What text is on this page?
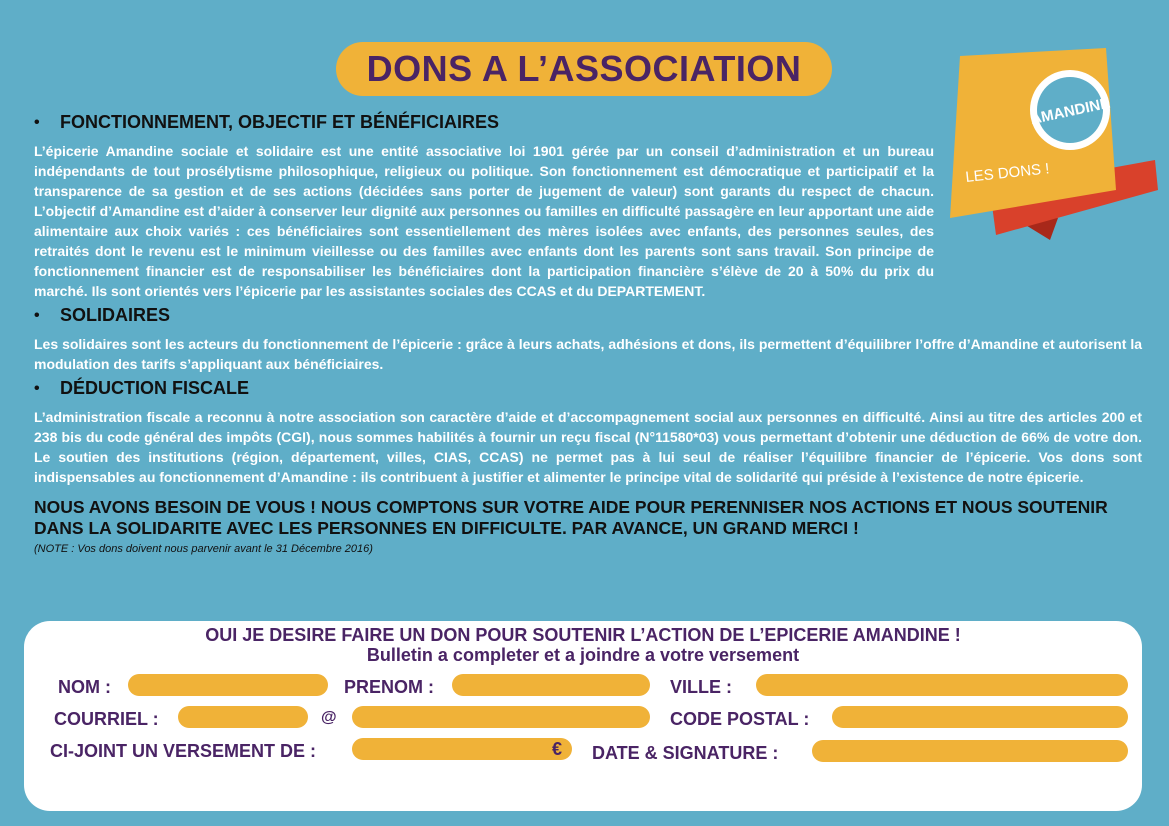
DONS A L’ASSOCIATION
AMANDINE
LES DONS !
•	FONCTIONNEMENT, OBJECTIF ET BÉNÉFICIAIRES
L’épicerie Amandine sociale et solidaire est une entité associative loi 1901 gérée par un conseil d’administration et un bureau indépendants de tout prosélytisme philosophique, religieux ou politique. Son fonctionnement est démocratique et participatif et la transparence de sa gestion et de ses actions (décidées sans porter de jugement de valeur) sont garants du respect de chacun. L’objectif d’Amandine est d’aider à conserver leur dignité aux personnes ou familles en difficulté passagère en leur apportant une aide alimentaire aux choix variés : ces bénéficiaires sont essentiellement des mères isolées avec enfants, des personnes seules, des retraités dont le revenu est le minimum vieillesse ou des familles avec enfants dont les parents sont sans travail. Son principe de fonctionnement financier est de responsabiliser les bénéficiaires dont la participation financière s’élève de 20 à 50% du prix du marché. Ils sont orientés vers l’épicerie par les assistantes sociales des CCAS et du DEPARTEMENT.
•	SOLIDAIRES
Les solidaires sont les acteurs du fonctionnement de l’épicerie : grâce à leurs achats, adhésions et dons, ils permettent d’équilibrer l’offre d’Amandine et autorisent la modulation des tarifs s’appliquant aux bénéficiaires.
•	DÉDUCTION FISCALE
L’administration fiscale a reconnu à notre association son caractère d’aide et d’accompagnement social aux personnes en difficulté. Ainsi au titre des articles 200 et 238 bis du code général des impôts (CGI), nous sommes habilités à fournir un reçu fiscal (N°11580*03) vous permettant d’obtenir une déduction de 66% de votre don. Le soutien des institutions (région, département, villes, CIAS, CCAS) ne permet pas à lui seul de réaliser l’équilibre financier de l’épicerie. Vos dons sont indispensables au fonctionnement d’Amandine : ils contribuent à justifier et alimenter le principe vital de solidarité qui préside à l’existence de notre épicerie.
NOUS AVONS BESOIN DE VOUS ! NOUS COMPTONS SUR VOTRE AIDE POUR PERENNISER NOS ACTIONS ET NOUS SOUTENIR DANS LA SOLIDARITE AVEC LES PERSONNES EN DIFFICULTE. PAR AVANCE, UN GRAND MERCI !
(NOTE : Vos dons doivent nous parvenir avant le 31 Décembre 2016)
OUI JE DESIRE FAIRE UN DON POUR SOUTENIR L’ACTION DE L’EPICERIE AMANDINE !
Bulletin a completer et a joindre a votre versement
NOM :	PRENOM :	VILLE :
COURRIEL :	@	CODE POSTAL :
CI-JOINT UN VERSEMENT DE :	€ DATE & SIGNATURE :
